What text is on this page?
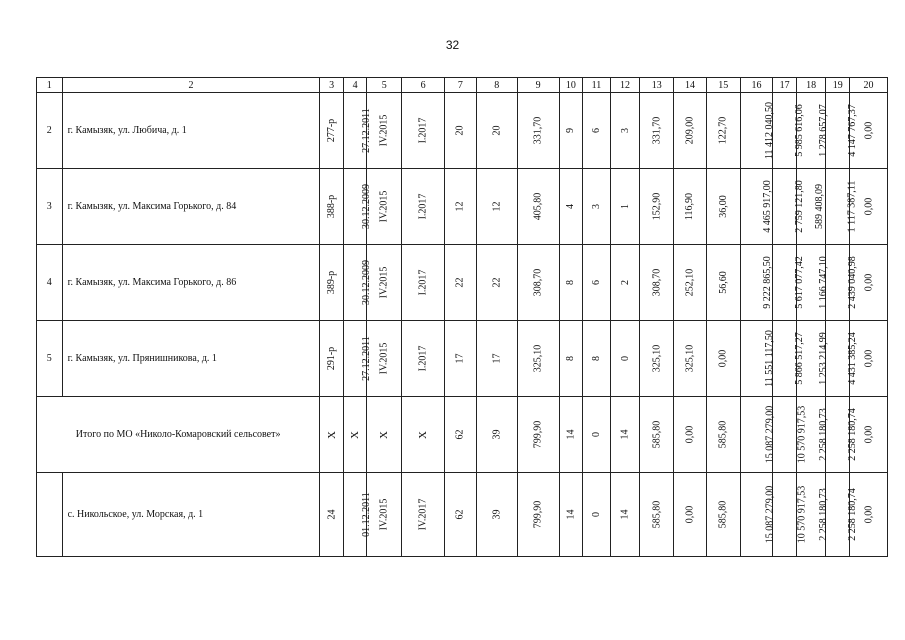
32
1	2	3	4	5	6	7	8	9	10	11	12	13	14	15	16	17	18	19	20
2	г. Камызяк, ул. Любича, д. 1	277-р	27.12.2011	IV.2015	I.2017	20	20	331,70	9	6	3	331,70	209,00	122,70	11 412 040,50	5 985 616,06	1 278 657,07	4 147 767,37	0,00
3	г. Камызяк, ул. Максима Горького, д. 84	388-р	30.12.2009	IV.2015	I.2017	12	12	405,80	4	3	1	152,90	116,90	36,00	4 465 917,00	2 759 121,80	589 408,09	1 117 387,11	0,00
4	г. Камызяк, ул. Максима Горького, д. 86	389-р	30.12.2009	IV.2015	I.2017	22	22	308,70	8	6	2	308,70	252,10	56,60	9 222 865,50	5 617 077,42	1 166 747,10	2 439 040,98	0,00
5	г. Камызяк, ул. Прянишникова, д. 1	291-р	27.12.2011	IV.2015	I.2017	17	17	325,10	8	8	0	325,10	325,10	0,00	11 551 117,50	5 866 517,27	1 253 214,99	4 431 385,24	0,00
Итого по МО «Николо-Комаровский сельсовет»		X	X	X	X	62	39	799,90	14	0	14	585,80	0,00	585,80	15 087 279,00	10 570 917,53	2 258 180,73	2 258 180,74	0,00
	с. Никольское, ул. Морская, д. 1	24	01.12.2011	IV.2015	IV.2017	62	39	799,90	14	0	14	585,80	0,00	585,80	15 087 279,00	10 570 917,53	2 258 180,73	2 258 180,74	0,00
